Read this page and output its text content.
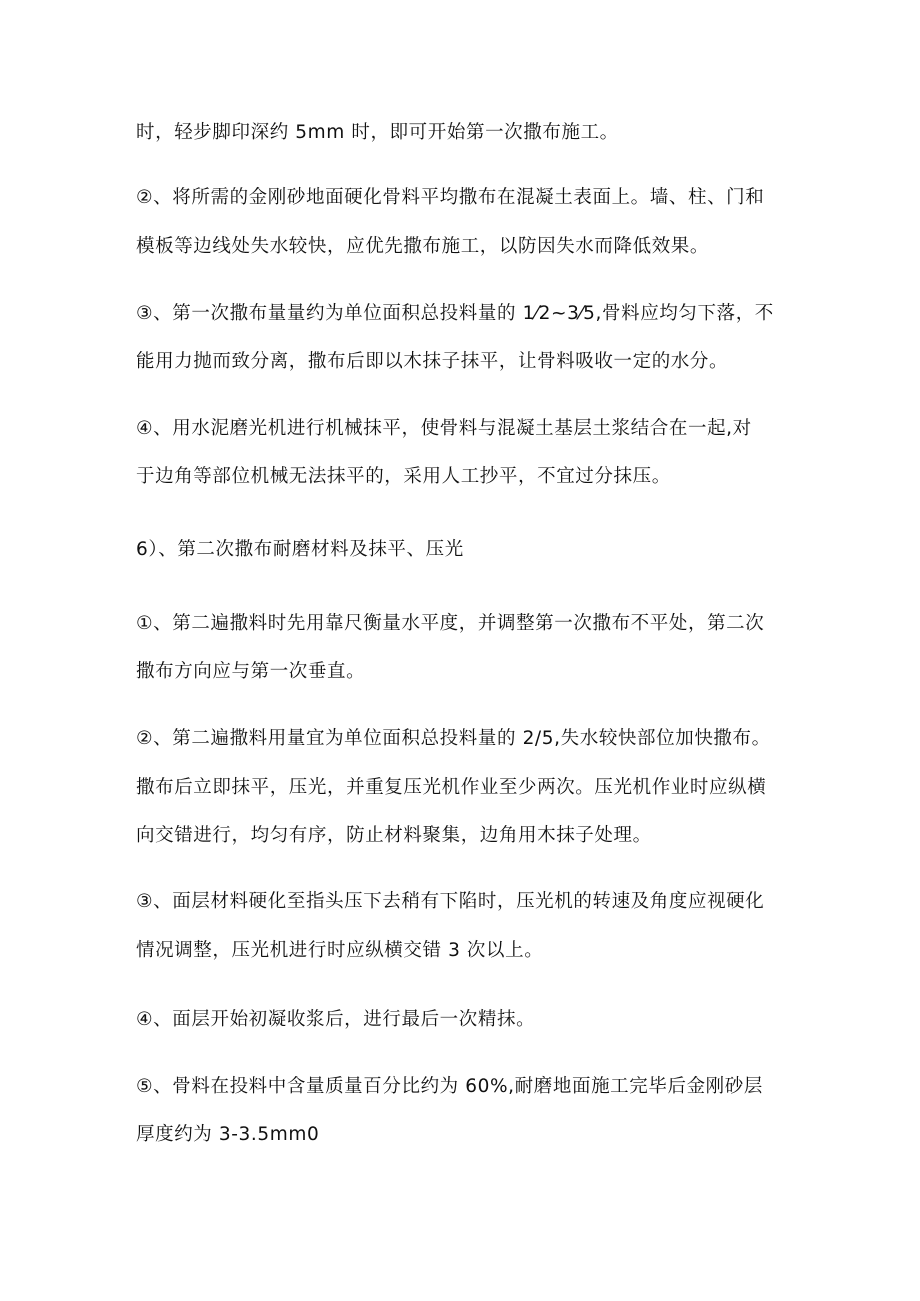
时，轻步脚印深约 5mm 时，即可开始第一次撒布施工。
②、将所需的金刚砂地面硬化骨料平均撒布在混凝土表面上。墙、柱、门和
模板等边线处失水较快，应优先撒布施工，以防因失水而降低效果。
③、第一次撒布量量约为单位面积总投料量的 1⁄2~3⁄5,骨料应均匀下落，不
能用力抛而致分离，撒布后即以木抹子抹平，让骨料吸收一定的水分。
④、用水泥磨光机进行机械抹平，使骨料与混凝土基层土浆结合在一起,对
于边角等部位机械无法抹平的，采用人工抄平，不宜过分抹压。
6）、第二次撒布耐磨材料及抹平、压光
①、第二遍撒料时先用靠尺衡量水平度，并调整第一次撒布不平处，第二次
撒布方向应与第一次垂直。
②、第二遍撒料用量宜为单位面积总投料量的 2/5,失水较快部位加快撒布。
撒布后立即抹平，压光，并重复压光机作业至少两次。压光机作业时应纵横
向交错进行，均匀有序，防止材料聚集，边角用木抹子处理。
③、面层材料硬化至指头压下去稍有下陷时，压光机的转速及角度应视硬化
情况调整，压光机进行时应纵横交错 3 次以上。
④、面层开始初凝收浆后，进行最后一次精抹。
⑤、骨料在投料中含量质量百分比约为 60%,耐磨地面施工完毕后金刚砂层
厚度约为 3-3.5mm0
